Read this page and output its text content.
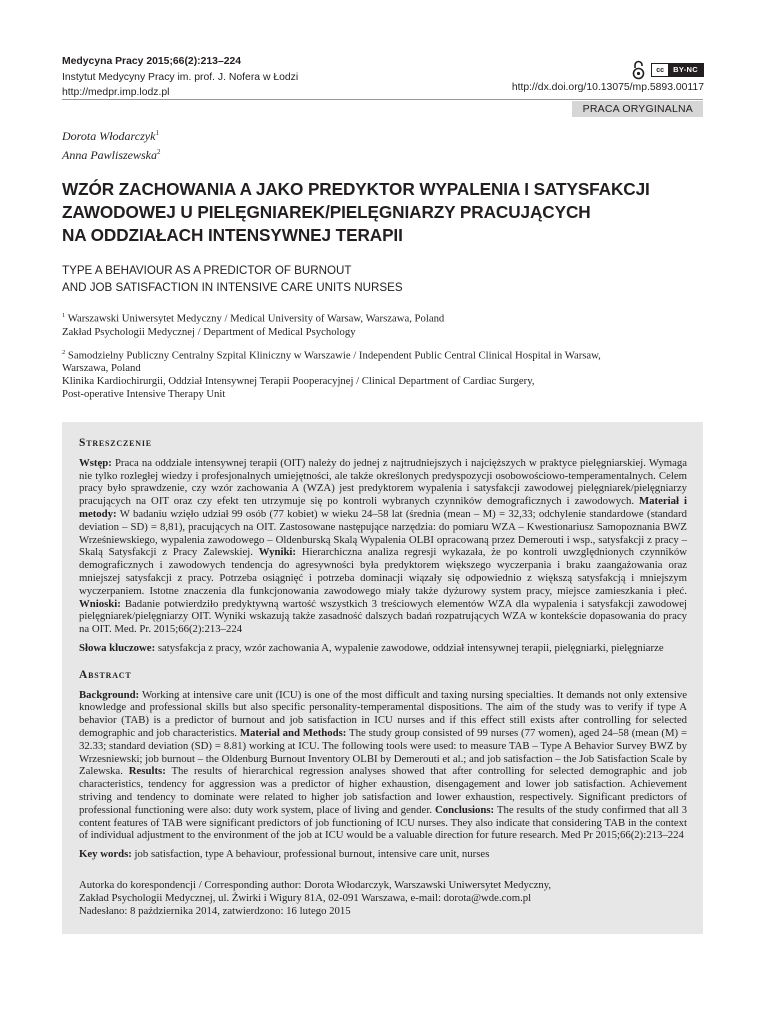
Medycyna Pracy 2015;66(2):213–224
Instytut Medycyny Pracy im. prof. J. Nofera w Łodzi
http://medpr.imp.lodz.pl
cc	BY-NC
http://dx.doi.org/10.13075/mp.5893.00117
PRACA ORYGINALNA
Dorota Włodarczyk$^1$
Anna Pawliszewska$^2$
WZÓR ZACHOWANIA A JAKO PREDYKTOR WYPALENIA I SATYSFAKCJI
ZAWODOWEJ U PIELĘGNIAREK/PIELĘGNIARZY PRACUJĄCYCH
NA ODDZIAŁACH INTENSYWNEJ TERAPII
TYPE A BEHAVIOUR AS A PREDICTOR OF BURNOUT
AND JOB SATISFACTION IN INTENSIVE CARE UNITS NURSES

$^1$ Warszawski Uniwersytet Medyczny / Medical University of Warsaw, Warszawa, Poland
Zakład Psychologii Medycznej / Department of Medical Psychology

$^2$ Samodzielny Publiczny Centralny Szpital Kliniczny w Warszawie / Independent Public Central Clinical Hospital in Warsaw,
Warszawa, Poland
Klinika Kardiochirurgii, Oddział Intensywnej Terapii Pooperacyjnej / Clinical Department of Cardiac Surgery,
Post-operative Intensive Therapy Unit

Streszczenie

Wstęp: Praca na oddziale intensywnej terapii (OIT) należy do jednej z najtrudniejszych i najcięższych w praktyce pielęgniarskiej. Wymaga nie tylko rozległej wiedzy i profesjonalnych umiejętności, ale także określonych predyspozycji osobowościowo-temperamentalnych. Celem pracy było sprawdzenie, czy wzór zachowania A (WZA) jest predyktorem wypalenia i satysfakcji zawodowej pielęgniarek/pielęgniarzy pracujących na OIT oraz czy efekt ten utrzymuje się po kontroli wybranych czynników demograficznych i zawodowych. Materiał i metody: W badaniu wzięło udział 99 osób (77 kobiet) w wieku 24–58 lat (średnia (mean – M) = 32,33; odchylenie standardowe (standard deviation – SD) = 8,81), pracujących na OIT. Zastosowane następujące narzędzia: do pomiaru WZA – Kwestionariusz Samopoznania BWZ Wrześniewskiego, wypalenia zawodowego – Oldenburską Skalą Wypalenia OLBI opracowaną przez Demerouti i wsp., satysfakcji z pracy – Skalą Satysfakcji z Pracy Zalewskiej. Wyniki: Hierarchiczna analiza regresji wykazała, że po kontroli uwzględnionych czynników demograficznych i zawodowych tendencja do agresywności była predyktorem większego wyczerpania i braku zaangażowania oraz mniejszej satysfakcji z pracy. Potrzeba osiągnięć i potrzeba dominacji wiązały się odpowiednio z większą satysfakcją i mniejszym wyczerpaniem. Istotne znaczenia dla funkcjonowania zawodowego miały także dyżurowy system pracy, miejsce zamieszkania i płeć. Wnioski: Badanie potwierdziło predyktywną wartość wszystkich 3 treściowych elementów WZA dla wypalenia i satysfakcji zawodowej pielęgniarek/pielęgniarzy OIT. Wyniki wskazują także zasadność dalszych badań rozpatrujących WZA w kontekście dopasowania do pracy na OIT. Med. Pr. 2015;66(2):213–224

Słowa kluczowe: satysfakcja z pracy, wzór zachowania A, wypalenie zawodowe, oddział intensywnej terapii, pielęgniarki, pielęgniarze

Abstract

Background: Working at intensive care unit (ICU) is one of the most difficult and taxing nursing specialties. It demands not only extensive knowledge and professional skills but also specific personality-temperamental dispositions. The aim of the study was to verify if type A behavior (TAB) is a predictor of burnout and job satisfaction in ICU nurses and if this effect still exists after controlling for selected demographic and job characteristics. Material and Methods: The study group consisted of 99 nurses (77 women), aged 24–58 (mean (M) = 32.33; standard deviation (SD) = 8.81) working at ICU. The following tools were used: to measure TAB – Type A Behavior Survey BWZ by Wrzesniewski; job burnout – the Oldenburg Burnout Inventory OLBI by Demerouti et al.; and job satisfaction – the Job Satisfaction Scale by Zalewska. Results: The results of hierarchical regression analyses showed that after controlling for selected demographic and job characteristics, tendency for aggression was a predictor of higher exhaustion, disengagement and lower job satisfaction. Achievement striving and tendency to dominate were related to higher job satisfaction and lower exhaustion, respectively. Significant predictors of professional functioning were also: duty work system, place of living and gender. Conclusions: The results of the study confirmed that all 3 content features of TAB were significant predictors of job functioning of ICU nurses. They also indicate that considering TAB in the context of individual adjustment to the environment of the job at ICU would be a valuable direction for future research. Med Pr 2015;66(2):213–224

Key words: job satisfaction, type A behaviour, professional burnout, intensive care unit, nurses

Autorka do korespondencji / Corresponding author: Dorota Włodarczyk, Warszawski Uniwersytet Medyczny,
Zakład Psychologii Medycznej, ul. Żwirki i Wigury 81A, 02-091 Warszawa, e-mail: dorota@wde.com.pl
Nadesłano: 8 października 2014, zatwierdzono: 16 lutego 2015
